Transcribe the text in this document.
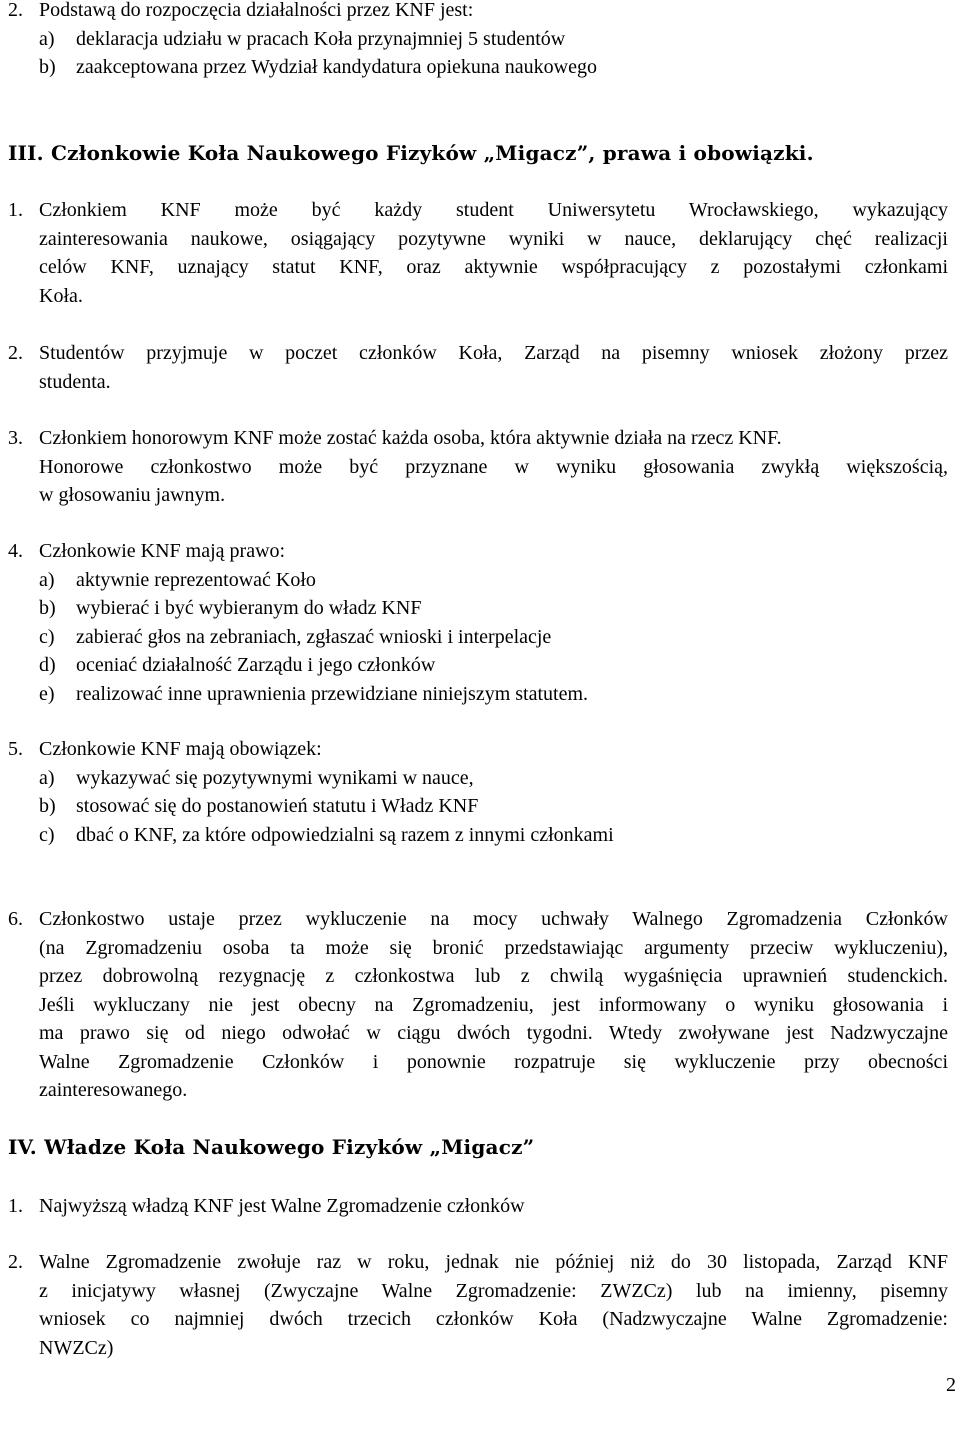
2. Podstawą do rozpoczęcia działalności przez KNF jest:
a) deklaracja udziału w pracach Koła przynajmniej 5 studentów
b) zaakceptowana przez Wydział kandydatura opiekuna naukowego
III. Członkowie Koła Naukowego Fizyków „Migacz”, prawa i obowiązki.
1. Członkiem KNF może być każdy student Uniwersytetu Wrocławskiego, wykazujący
zainteresowania naukowe, osiągający pozytywne wyniki w nauce, deklarujący chęć realizacji
celów KNF, uznający statut KNF, oraz aktywnie współpracujący z pozostałymi członkami
Koła.
2. Studentów przyjmuje w poczet członków Koła, Zarząd na pisemny wniosek złożony przez
studenta.
3. Członkiem honorowym KNF może zostać każda osoba, która aktywnie działa na rzecz KNF.
Honorowe członkostwo może być przyznane w wyniku głosowania zwykłą większością,
w głosowaniu jawnym.
4. Członkowie KNF mają prawo:
a) aktywnie reprezentować Koło
b) wybierać i być wybieranym do władz KNF
c) zabierać głos na zebraniach, zgłaszać wnioski i interpelacje
d) oceniać działalność Zarządu i jego członków
e) realizować inne uprawnienia przewidziane niniejszym statutem.
5. Członkowie KNF mają obowiązek:
a) wykazywać się pozytywnymi wynikami w nauce,
b) stosować się do postanowień statutu i Władz KNF
c) dbać o KNF, za które odpowiedzialni są razem z innymi członkami
6. Członkostwo ustaje przez wykluczenie na mocy uchwały Walnego Zgromadzenia Członków
(na Zgromadzeniu osoba ta może się bronić przedstawiając argumenty przeciw wykluczeniu),
przez dobrowolną rezygnację z członkostwa lub z chwilą wygaśnięcia uprawnień studenckich.
Jeśli wykluczany nie jest obecny na Zgromadzeniu, jest informowany o wyniku głosowania i
ma prawo się od niego odwołać w ciągu dwóch tygodni. Wtedy zwoływane jest Nadzwyczajne
Walne Zgromadzenie Członków i ponownie rozpatruje się wykluczenie przy obecności
zainteresowanego.
IV. Władze Koła Naukowego Fizyków „Migacz”
1. Najwyższą władzą KNF jest Walne Zgromadzenie członków
2. Walne Zgromadzenie zwołuje raz w roku, jednak nie później niż do 30 listopada, Zarząd KNF
z inicjatywy własnej (Zwyczajne Walne Zgromadzenie: ZWZCz) lub na imienny, pisemny
wniosek co najmniej dwóch trzecich członków Koła (Nadzwyczajne Walne Zgromadzenie:
NWZCz)
2
